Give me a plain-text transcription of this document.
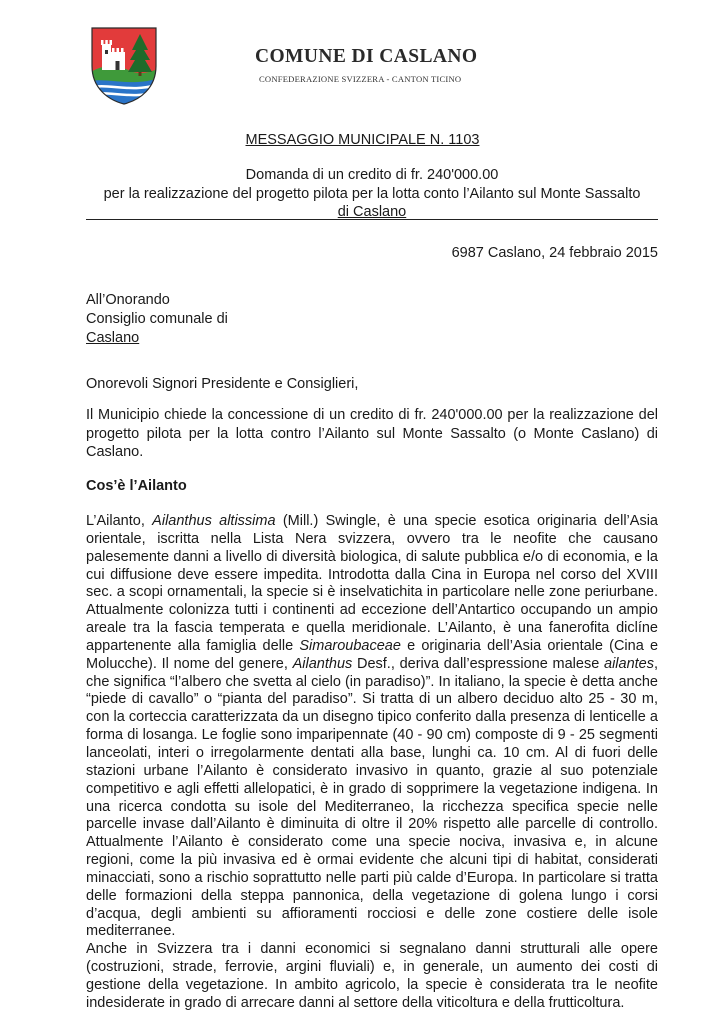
COMUNE DI CASLANO
CONFEDERAZIONE SVIZZERA - CANTON TICINO
MESSAGGIO MUNICIPALE N. 1103
Domanda di un credito di fr. 240'000.00
per la realizzazione del progetto pilota per la lotta conto l’Ailanto sul Monte Sassalto
di Caslano
6987 Caslano, 24 febbraio 2015
All’Onorando
Consiglio comunale di
Caslano
Onorevoli Signori Presidente e Consiglieri,
Il Municipio chiede la concessione di un credito di fr. 240'000.00 per la realizzazione del progetto pilota per la lotta contro l’Ailanto sul Monte Sassalto (o Monte Caslano) di Caslano.
Cos’è l’Ailanto

L’Ailanto, Ailanthus altissima (Mill.) Swingle, è una specie esotica originaria dell’Asia orientale, iscritta nella Lista Nera svizzera, ovvero tra le neofite che causano palesemente danni a livello di diversità biologica, di salute pubblica e/o di economia, e la cui diffusione deve essere impedita. Introdotta dalla Cina in Europa nel corso del XVIII sec. a scopi ornamentali, la specie si è inselvatichita in particolare nelle zone periurbane. Attualmente colonizza tutti i continenti ad eccezione dell’Antartico occupando un ampio areale tra la fascia temperata e quella meridionale. L’Ailanto, è una fanerofita diclíne appartenente alla famiglia delle Simaroubaceae e originaria dell’Asia orientale (Cina e Molucche). Il nome del genere, Ailanthus Desf., deriva dall’espressione malese ailantes, che significa “l’albero che svetta al cielo (in paradiso)”. In italiano, la specie è detta anche “piede di cavallo” o “pianta del paradiso”. Si tratta di un albero deciduo alto 25 - 30 m, con la corteccia caratterizzata da un disegno tipico conferito dalla presenza di lenticelle a forma di losanga. Le foglie sono imparipennate (40 - 90 cm) composte di 9 - 25 segmenti lanceolati, interi o irregolarmente dentati alla base, lunghi ca. 10 cm. Al di fuori delle stazioni urbane l’Ailanto è considerato invasivo in quanto, grazie al suo potenziale competitivo e agli effetti allelopatici, è in grado di sopprimere la vegetazione indigena. In una ricerca condotta su isole del Mediterraneo, la ricchezza specifica specie nelle parcelle invase dall’Ailanto è diminuita di oltre il 20% rispetto alle parcelle di controllo. Attualmente l’Ailanto è considerato come una specie nociva, invasiva e, in alcune regioni, come la più invasiva ed è ormai evidente che alcuni tipi di habitat, considerati minacciati, sono a rischio soprattutto nelle parti più calde d’Europa. In particolare si tratta delle formazioni della steppa pannonica, della vegetazione di golena lungo i corsi d’acqua, degli ambienti su affioramenti rocciosi e delle zone costiere delle isole mediterranee.

Anche in Svizzera tra i danni economici si segnalano danni strutturali alle opere (costruzioni, strade, ferrovie, argini fluviali) e, in generale, un aumento dei costi di gestione della vegetazione. In ambito agricolo, la specie è considerata tra le neofite indesiderate in grado di arrecare danni al settore della viticoltura e della frutticoltura.
